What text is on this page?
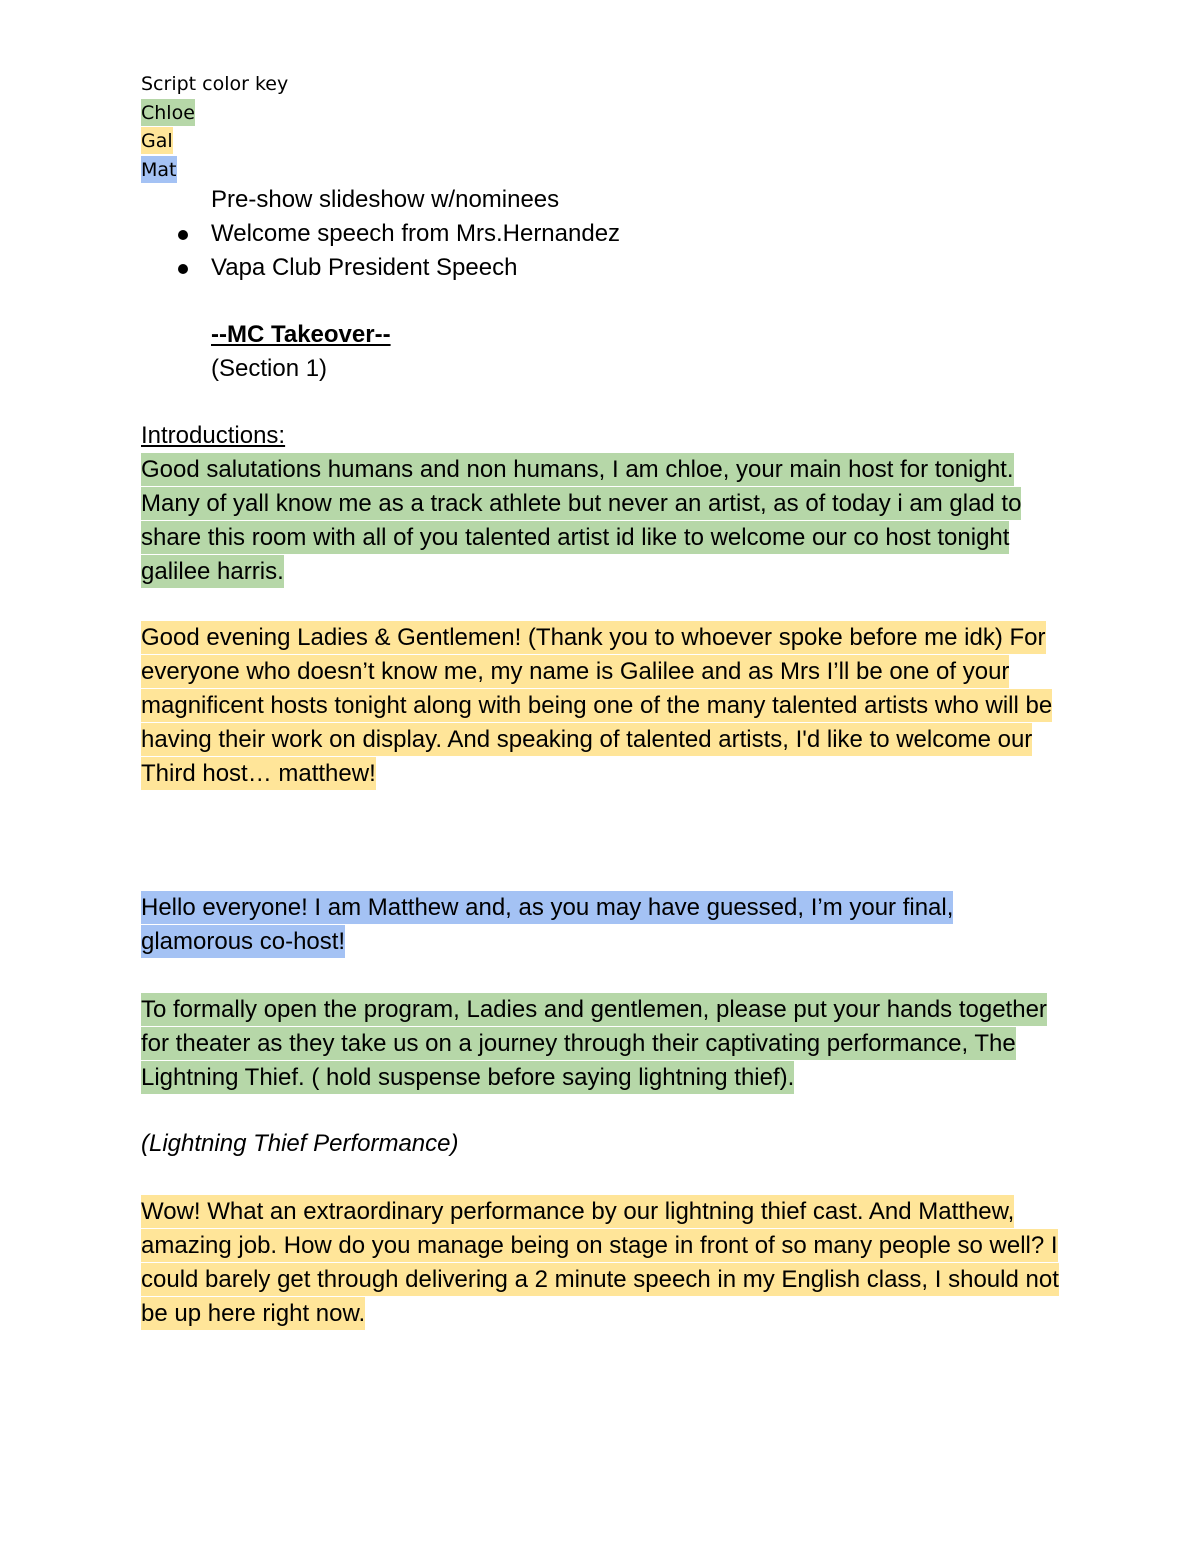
Script color key
Chloe
Gal
Mat
Pre-show slideshow w/nominees
Welcome speech from Mrs.Hernandez
Vapa Club President Speech
--MC Takeover--
(Section 1)
Introductions:
Good salutations humans and non humans, I am chloe, your main host for tonight. Many of yall know me as a track athlete but never an artist, as of today i am glad to share this room with all of you talented artist id like to welcome our co host tonight galilee harris.
Good evening Ladies & Gentlemen! (Thank you to whoever spoke before me idk) For everyone who doesn’t know me, my name is Galilee and as Mrs I’ll be one of your magnificent hosts tonight along with being one of the many talented artists who will be having their work on display. And speaking of talented artists, I'd like to welcome our Third host… matthew!
Hello everyone! I am Matthew and, as you may have guessed, I’m your final, glamorous co-host!
To formally open the program, Ladies and gentlemen, please put your hands together for theater as they take us on a journey through their captivating performance, The Lightning Thief. ( hold suspense before saying lightning thief).
(Lightning Thief Performance)
Wow! What an extraordinary performance by our lightning thief cast. And Matthew, amazing job. How do you manage being on stage in front of so many people so well? I could barely get through delivering a 2 minute speech in my English class, I should not be up here right now.
